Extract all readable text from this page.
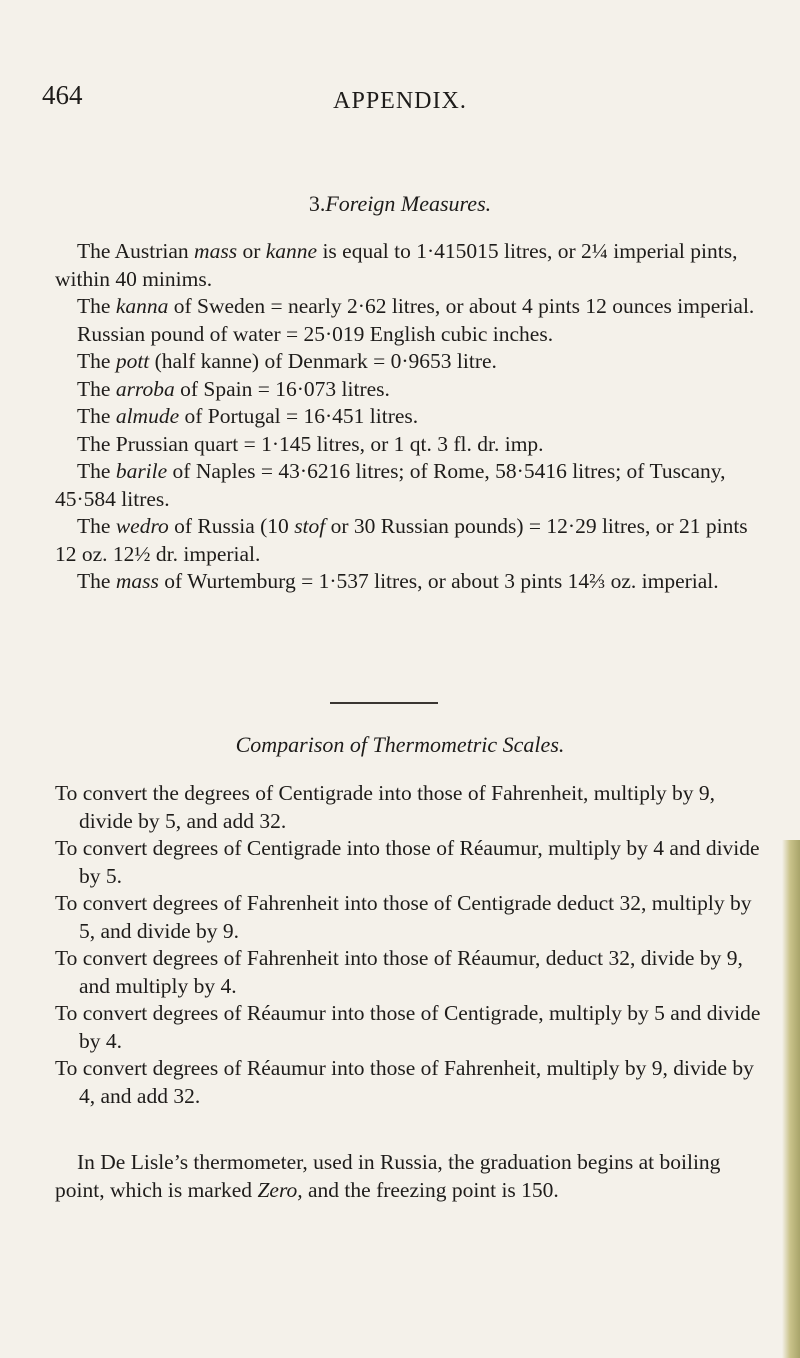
464	APPENDIX.
3.Foreign Measures.

The Austrian mass or kanne is equal to 1·415015 litres, or 2¼ imperial pints, within 40 minims.

The kanna of Sweden = nearly 2·62 litres, or about 4 pints 12 ounces imperial.

Russian pound of water = 25·019 English cubic inches.

The pott (half kanne) of Denmark = 0·9653 litre.

The arroba of Spain = 16·073 litres.

The almude of Portugal = 16·451 litres.

The Prussian quart = 1·145 litres, or 1 qt. 3 fl. dr. imp.

The barile of Naples = 43·6216 litres; of Rome, 58·5416 litres; of Tuscany, 45·584 litres.

The wedro of Russia (10 stof or 30 Russian pounds) = 12·29 litres, or 21 pints 12 oz. 12½ dr. imperial.

The mass of Wurtemburg = 1·537 litres, or about 3 pints 14⅔ oz. imperial.

Comparison of Thermometric Scales.

To convert the degrees of Centigrade into those of Fahrenheit, multiply by 9, divide by 5, and add 32.

To convert degrees of Centigrade into those of Réaumur, multiply by 4 and divide by 5.

To convert degrees of Fahrenheit into those of Centigrade deduct 32, multiply by 5, and divide by 9.

To convert degrees of Fahrenheit into those of Réaumur, deduct 32, divide by 9, and multiply by 4.

To convert degrees of Réaumur into those of Centigrade, multiply by 5 and divide by 4.

To convert degrees of Réaumur into those of Fahrenheit, multiply by 9, divide by 4, and add 32.

In De Lisle’s thermometer, used in Russia, the graduation begins at boiling point, which is marked Zero, and the freezing point is 150.
